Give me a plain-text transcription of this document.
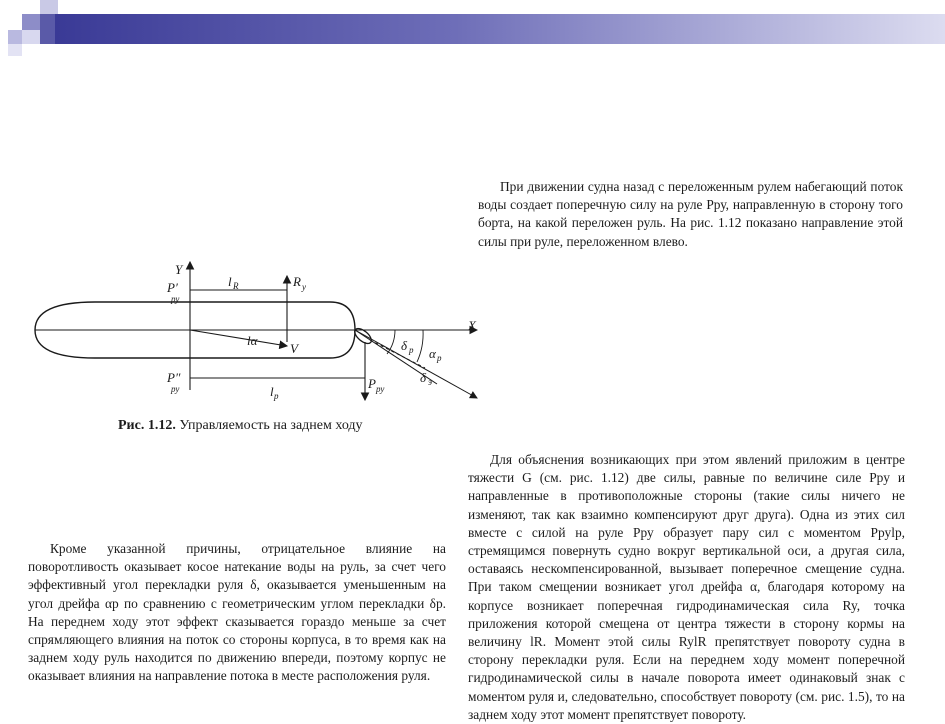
При движении судна назад с переложенным рулем набегающий поток воды создает поперечную силу на руле Pру, направленную в сторону того борта, на какой переложен руль. На рис. 1.12 показано направление этой силы при руле, переложенном влево.

X
Y
P′
ру
l R	R y
lα
V
P″
ру	l р
P ру
δ р α р
δ э
Рис. 1.12. Управляемость на заднем ходу

Кроме указанной причины, отрицательное влияние на поворотливость оказывает косое натекание воды на руль, за счет чего эффективный угол перекладки руля δ, оказывается уменьшенным на угол дрейфа αр по сравнению с геометрическим углом перекладки δр. На переднем ходу этот эффект сказывается гораздо меньше за счет спрямляющего влияния на поток со стороны корпуса, в то время как на заднем ходу руль находится по движению впереди, поэтому корпус не оказывает влияния на направление потока в месте расположения руля.

Для объяснения возникающих при этом явлений приложим в центре тяжести G (см. рис. 1.12) две силы, равные по величине силе Pру и направленные в противоположные стороны (такие силы ничего не изменяют, так как взаимно компенсируют друг друга). Одна из этих сил вместе с силой на руле Pру образует пару сил с моментом Pруlр, стремящимся повернуть судно вокруг вертикальной оси, а другая сила, оставаясь нескомпенсированной, вызывает поперечное смещение судна. При таком смещении возникает угол дрейфа α, благодаря которому на корпусе возникает поперечная гидродинамическая сила Ry, точка приложения которой смещена от центра тяжести в сторону кормы на величину lR. Момент этой силы RylR препятствует повороту судна в сторону перекладки руля. Если на переднем ходу момент поперечной гидродинамической силы в начале поворота имеет одинаковый знак с моментом руля и, следовательно, способствует повороту (см. рис. 1.5), то на заднем ходу этот момент препятствует повороту.
